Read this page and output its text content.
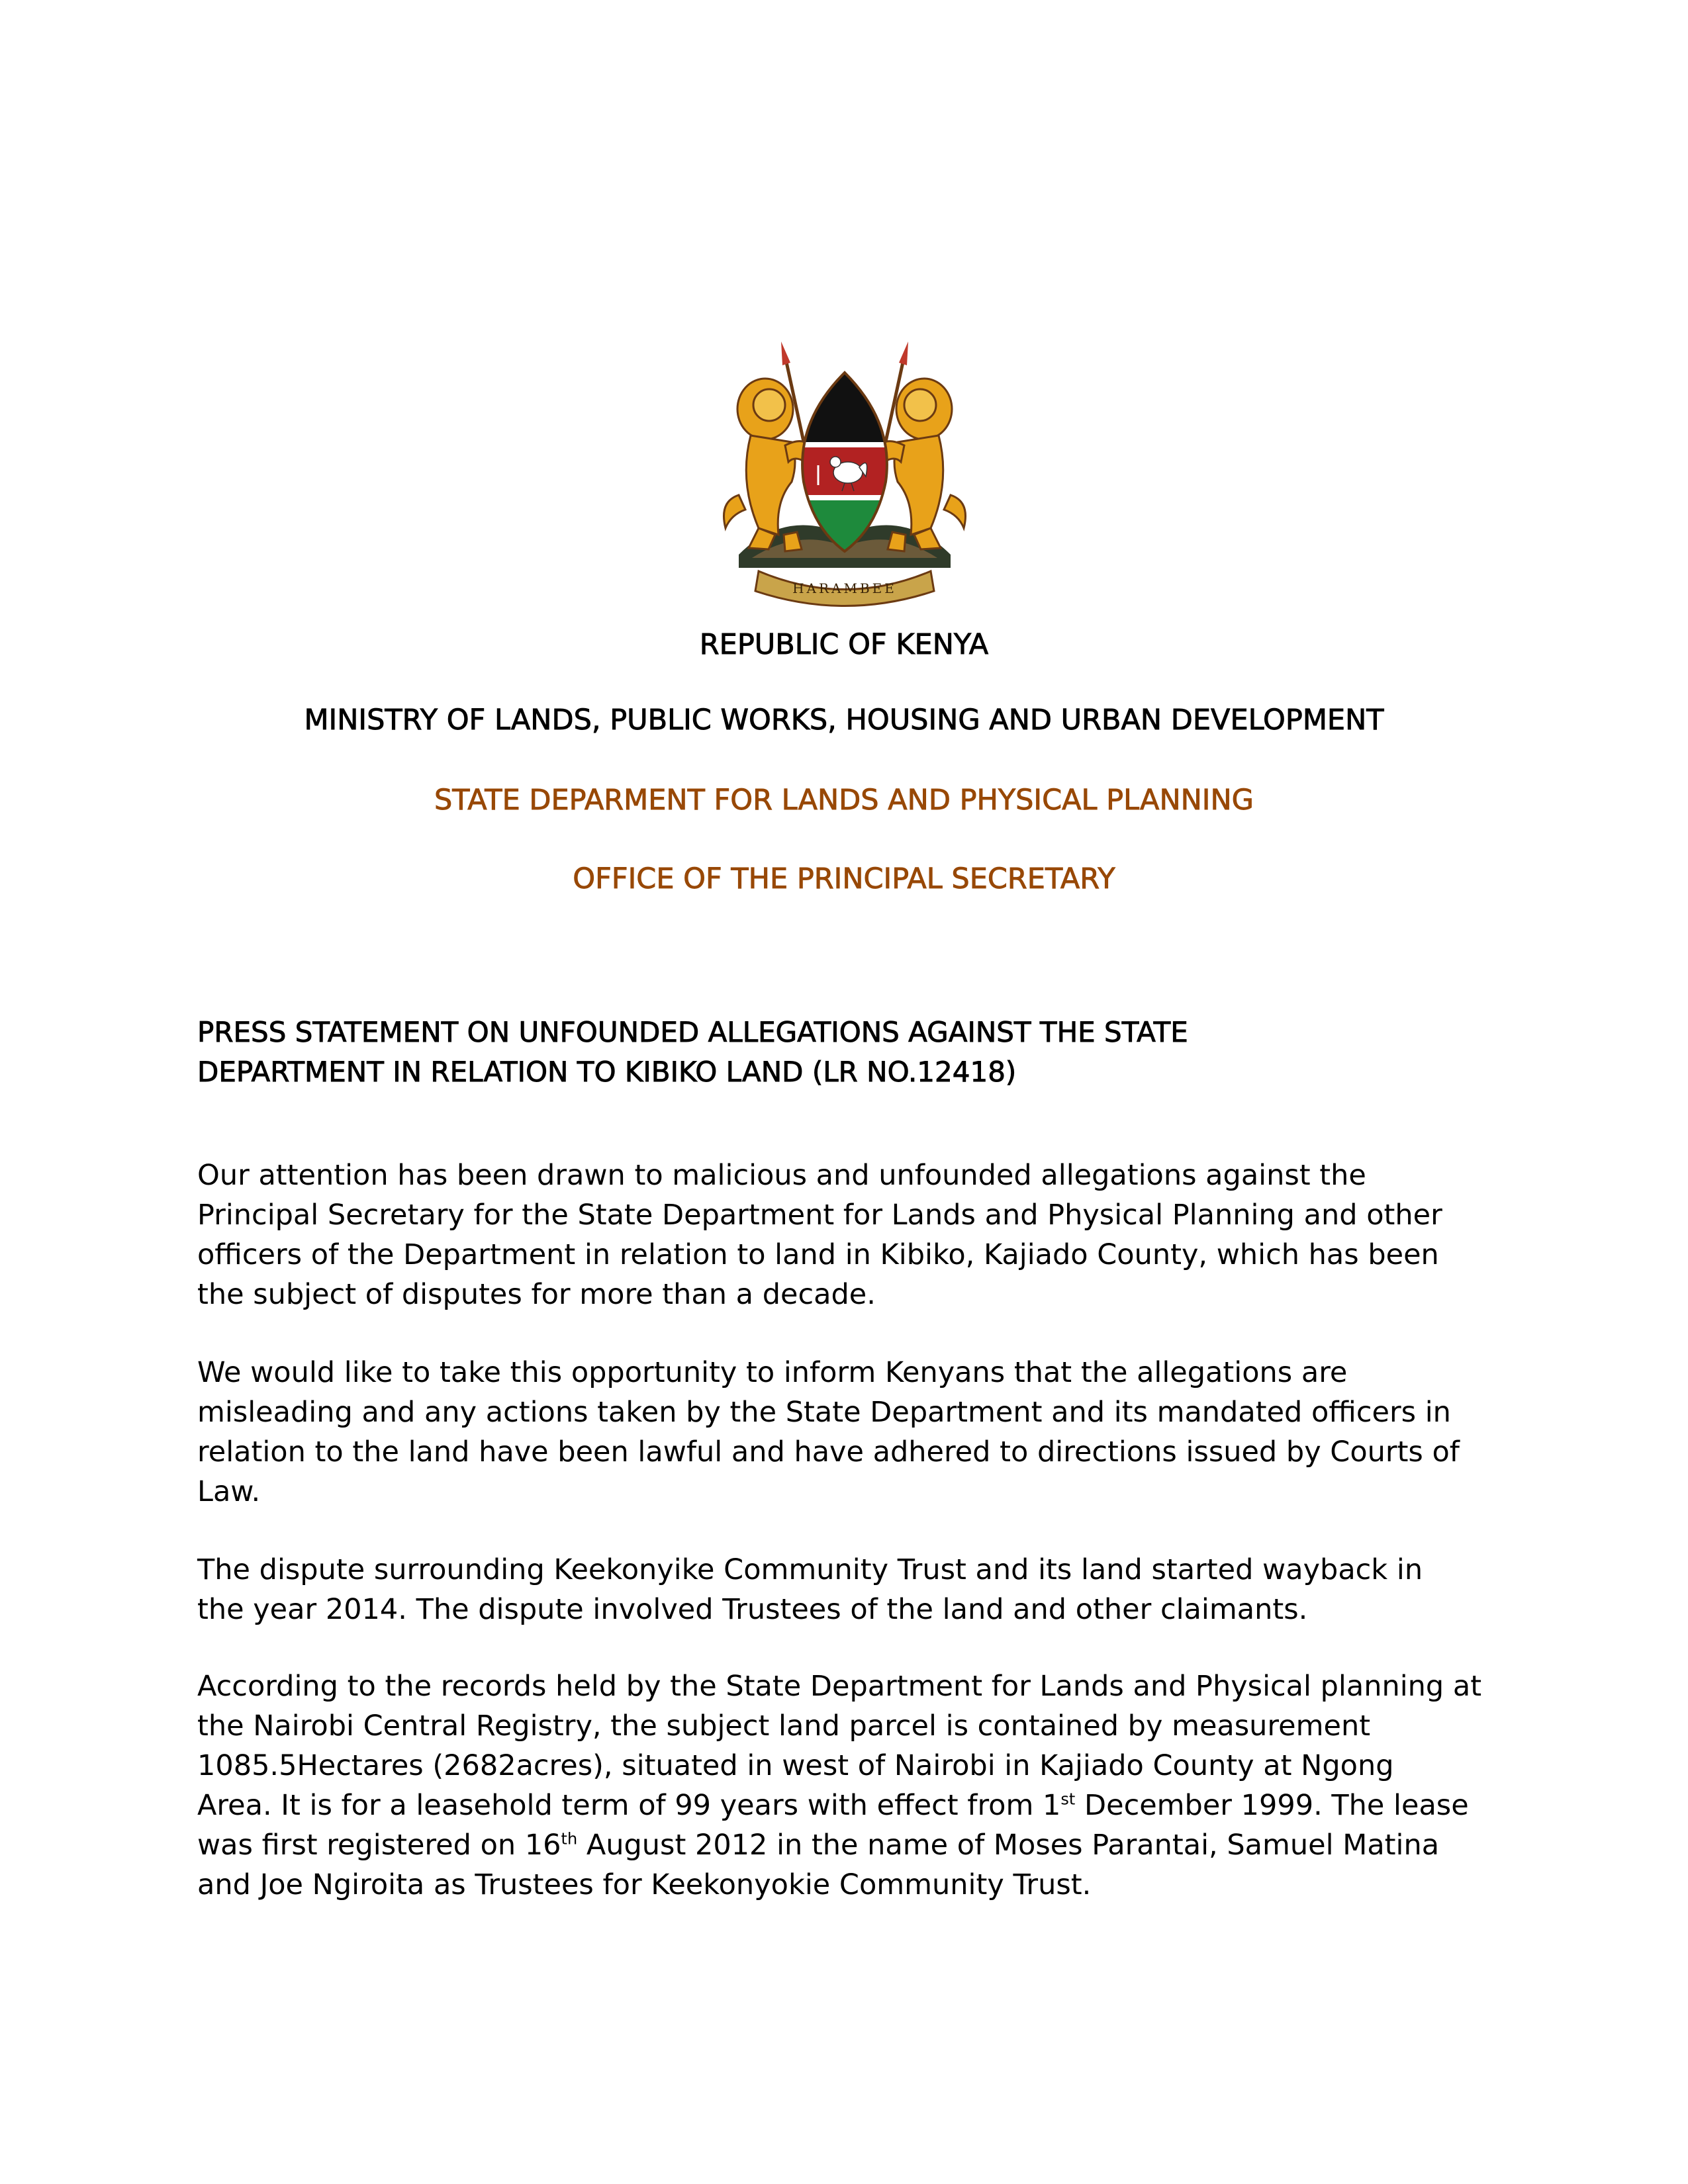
HARAMBEE
REPUBLIC OF KENYA
MINISTRY OF LANDS, PUBLIC WORKS, HOUSING AND URBAN DEVELOPMENT
STATE DEPARMENT FOR LANDS AND PHYSICAL PLANNING
OFFICE OF THE PRINCIPAL SECRETARY
PRESS STATEMENT ON UNFOUNDED ALLEGATIONS AGAINST THE STATE
DEPARTMENT IN RELATION TO KIBIKO LAND (LR NO.12418)
Our attention has been drawn to malicious and unfounded allegations against the
Principal Secretary for the State Department for Lands and Physical Planning and other
officers of the Department in relation to land in Kibiko, Kajiado County, which has been
the subject of disputes for more than a decade.
We would like to take this opportunity to inform Kenyans that the allegations are
misleading and any actions taken by the State Department and its mandated officers in
relation to the land have been lawful and have adhered to directions issued by Courts of
Law.
The dispute surrounding Keekonyike Community Trust and its land started wayback in
the year 2014. The dispute involved Trustees of the land and other claimants.
According to the records held by the State Department for Lands and Physical planning at
the Nairobi Central Registry, the subject land parcel is contained by measurement
1085.5Hectares (2682acres), situated in west of Nairobi in Kajiado County at Ngong
Area. It is for a leasehold term of 99 years with effect from 1st December 1999. The lease
was first registered on 16th August 2012 in the name of Moses Parantai, Samuel Matina
and Joe Ngiroita as Trustees for Keekonyokie Community Trust.
